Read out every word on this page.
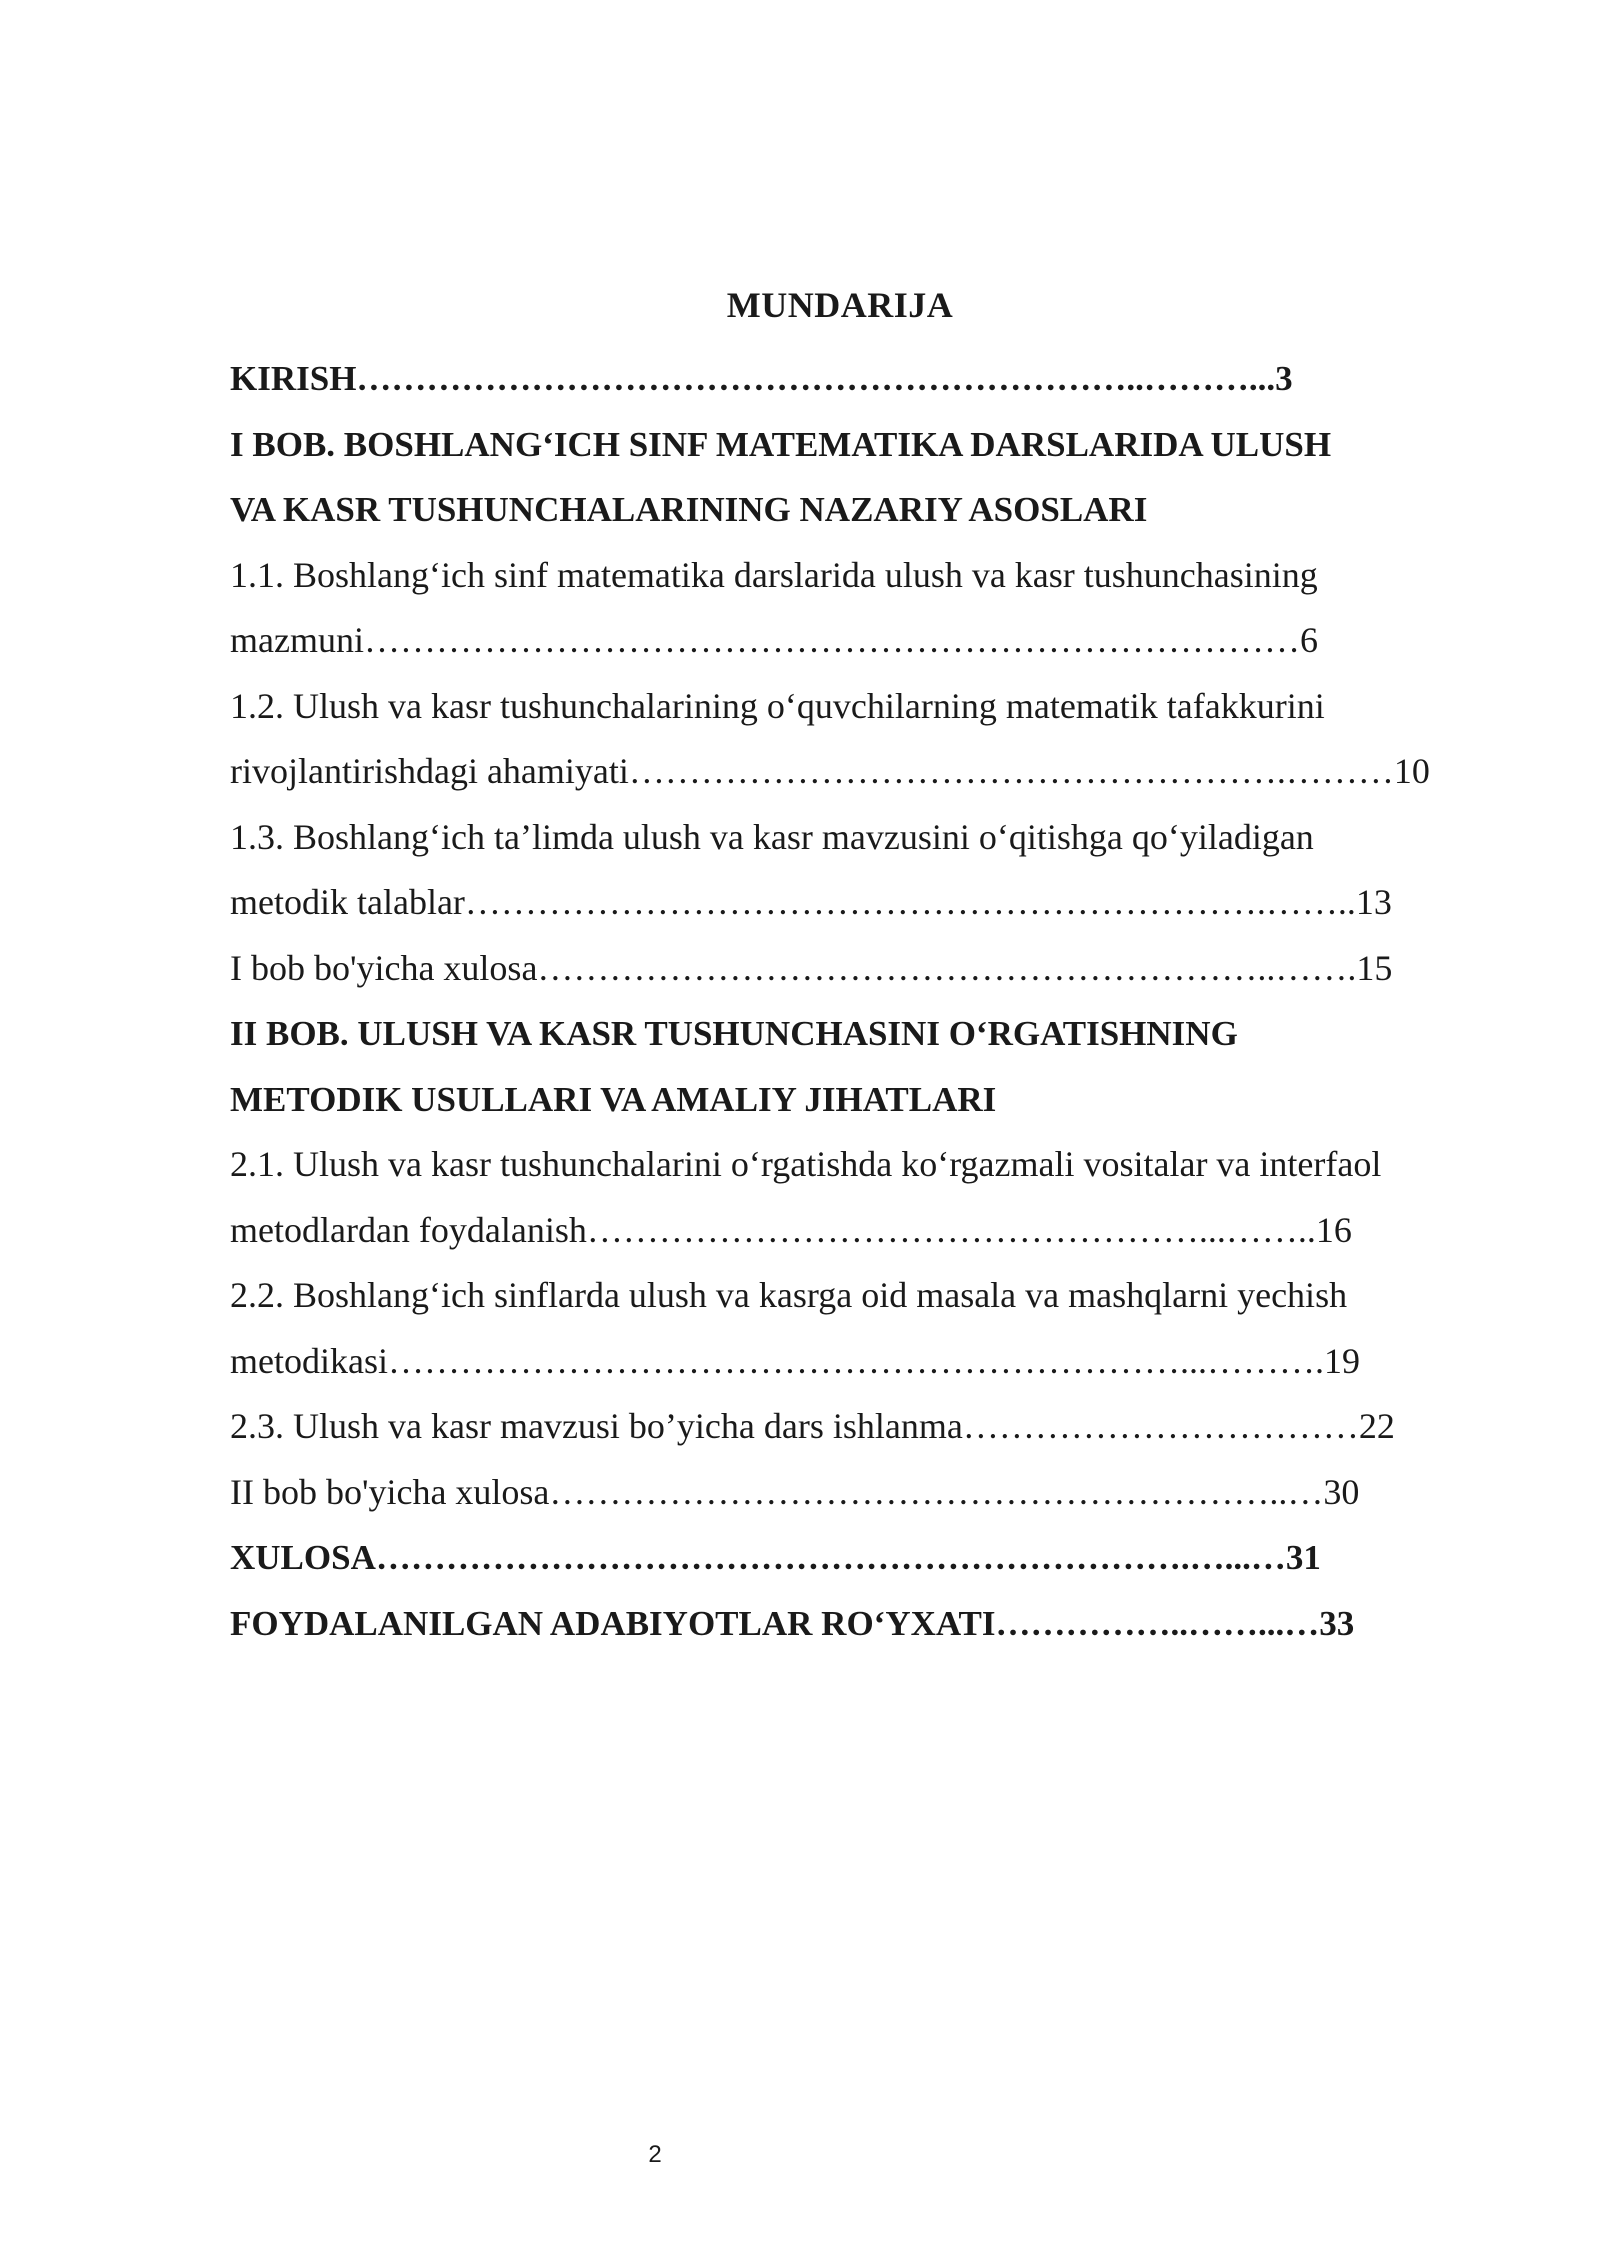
MUNDARIJA
KIRISH…………………………………………………………..………...3
I BOB. BOSHLANG‘ICH SINF MATEMATIKA DARSLARIDA ULUSH
VA KASR TUSHUNCHALARINING NAZARIY ASOSLARI
1.1. Boshlang‘ich sinf matematika darslarida ulush va kasr tushunchasining
mazmuni……………………………………………………………………6
1.2. Ulush va kasr tushunchalarining o‘quvchilarning matematik tafakkurini
rivojlantirishdagi ahamiyati……………………………………………….………10
1.3. Boshlang‘ich ta’limda ulush va kasr mavzusini o‘qitishga qo‘yiladigan
metodik talablar………………………………………………………….……..13
I bob bo'yicha xulosa……………………………………………………..…….15
II BOB. ULUSH VA KASR TUSHUNCHASINI O‘RGATISHNING
METODIK USULLARI VA AMALIY JIHATLARI
2.1. Ulush va kasr tushunchalarini o‘rgatishda ko‘rgazmali vositalar va interfaol
metodlardan foydalanish……………………………………………...……..16
2.2. Boshlang‘ich sinflarda ulush va kasrga oid masala va mashqlarni yechish
metodikasi…………………………………………………………...……….19
2.3. Ulush va kasr mavzusi bo’yicha dars ishlanma……………………………22
II bob bo'yicha xulosa……………………………………………………..…30
XULOSA…………………………………………………………….…...…31
FOYDALANILGAN ADABIYOTLAR RO‘YXATI……………..……...…33
2
